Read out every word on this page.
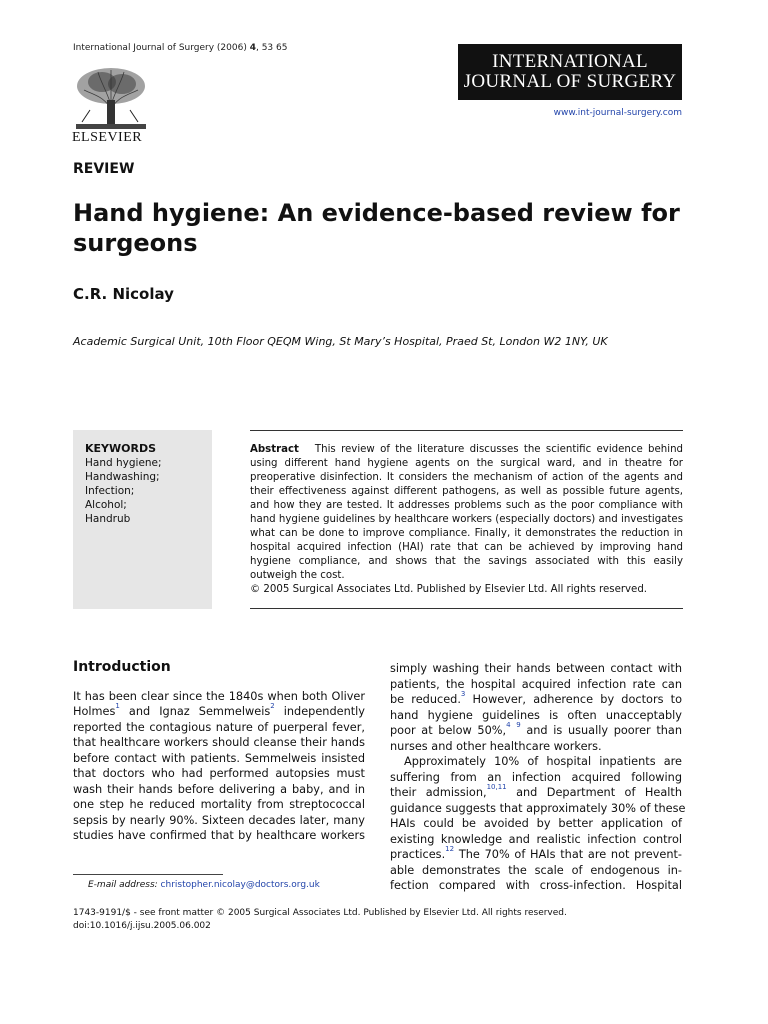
International Journal of Surgery (2006) 4, 53 65
ELSEVIER
INTERNATIONAL
JOURNAL OF SURGERY
www.int-journal-surgery.com
REVIEW
Hand hygiene: An evidence-based review for surgeons
C.R. Nicolay
Academic Surgical Unit, 10th Floor QEQM Wing, St Mary’s Hospital, Praed St, London W2 1NY, UK
KEYWORDS
Hand hygiene;
Handwashing;
Infection;
Alcohol;
Handrub
Abstract This review of the literature discusses the scientific evidence behind
using different hand hygiene agents on the surgical ward, and in theatre for
preoperative disinfection. It considers the mechanism of action of the agents and
their effectiveness against different pathogens, as well as possible future agents,
and how they are tested. It addresses problems such as the poor compliance with
hand hygiene guidelines by healthcare workers (especially doctors) and investigates
what can be done to improve compliance. Finally, it demonstrates the reduction in
hospital acquired infection (HAI) rate that can be achieved by improving hand
hygiene compliance, and shows that the savings associated with this easily
outweigh the cost.
© 2005 Surgical Associates Ltd. Published by Elsevier Ltd. All rights reserved.
Introduction
It has been clear since the 1840s when both Oliver
Holmes$^1$ and Ignaz Semmelweis$^2$ independently
reported the contagious nature of puerperal fever,
that healthcare workers should cleanse their hands
before contact with patients. Semmelweis insisted
that doctors who had performed autopsies must
wash their hands before delivering a baby, and in
one step he reduced mortality from streptococcal
sepsis by nearly 90%. Sixteen decades later, many
studies have confirmed that by healthcare workers
simply washing their hands between contact with
patients, the hospital acquired infection rate can
be reduced.$^3$ However, adherence by doctors to
hand hygiene guidelines is often unacceptably
poor at below 50%,$^4$ $^9$ and is usually poorer than
nurses and other healthcare workers.
Approximately 10% of hospital inpatients are
suffering from an infection acquired following
their admission,$^{10,11}$ and Department of Health
guidance suggests that approximately 30% of these
HAIs could be avoided by better application of
existing knowledge and realistic infection control
practices.$^{12}$ The 70% of HAIs that are not prevent-
able demonstrates the scale of endogenous in-
fection compared with cross-infection. Hospital
E-mail address: christopher.nicolay@doctors.org.uk
1743-9191/$ - see front matter © 2005 Surgical Associates Ltd. Published by Elsevier Ltd. All rights reserved.
doi:10.1016/j.ijsu.2005.06.002
